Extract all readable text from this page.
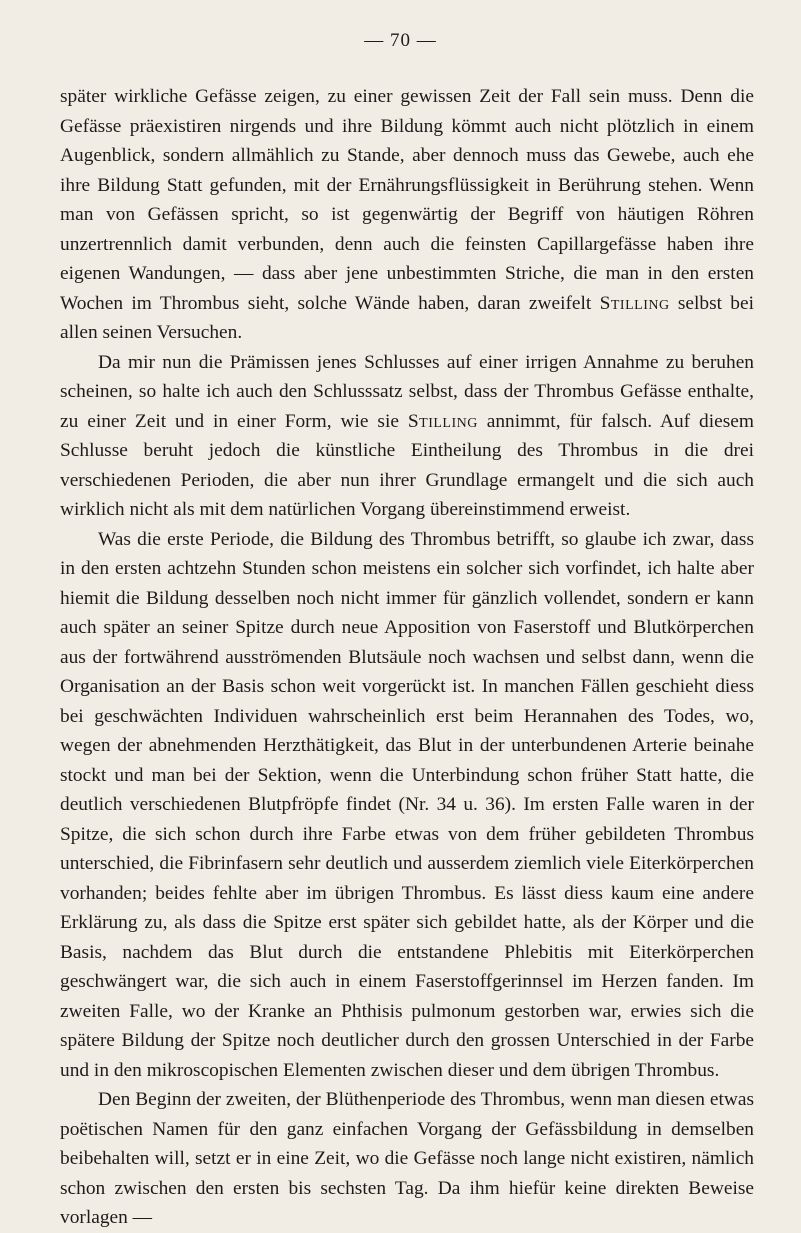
— 70 —

später wirkliche Gefässe zeigen, zu einer gewissen Zeit der Fall sein muss. Denn die Gefässe präexistiren nirgends und ihre Bildung kömmt auch nicht plötzlich in einem Augenblick, sondern allmählich zu Stande, aber dennoch muss das Gewebe, auch ehe ihre Bildung Statt gefunden, mit der Ernährungsflüssigkeit in Berührung stehen. Wenn man von Gefässen spricht, so ist gegenwärtig der Begriff von häutigen Röhren unzertrennlich damit verbunden, denn auch die feinsten Capillargefässe haben ihre eigenen Wandungen, — dass aber jene unbestimmten Striche, die man in den ersten Wochen im Thrombus sieht, solche Wände haben, daran zweifelt Stilling selbst bei allen seinen Versuchen.

Da mir nun die Prämissen jenes Schlusses auf einer irrigen Annahme zu beruhen scheinen, so halte ich auch den Schlusssatz selbst, dass der Thrombus Gefässe enthalte, zu einer Zeit und in einer Form, wie sie Stilling annimmt, für falsch. Auf diesem Schlusse beruht jedoch die künstliche Eintheilung des Thrombus in die drei verschiedenen Perioden, die aber nun ihrer Grundlage ermangelt und die sich auch wirklich nicht als mit dem natürlichen Vorgang übereinstimmend erweist.

Was die erste Periode, die Bildung des Thrombus betrifft, so glaube ich zwar, dass in den ersten achtzehn Stunden schon meistens ein solcher sich vorfindet, ich halte aber hiemit die Bildung desselben noch nicht immer für gänzlich vollendet, sondern er kann auch später an seiner Spitze durch neue Apposition von Faserstoff und Blutkörperchen aus der fortwährend ausströmenden Blutsäule noch wachsen und selbst dann, wenn die Organisation an der Basis schon weit vorgerückt ist. In manchen Fällen geschieht diess bei geschwächten Individuen wahrscheinlich erst beim Herannahen des Todes, wo, wegen der abnehmenden Herzthätigkeit, das Blut in der unterbundenen Arterie beinahe stockt und man bei der Sektion, wenn die Unterbindung schon früher Statt hatte, die deutlich verschiedenen Blutpfröpfe findet (Nr. 34 u. 36). Im ersten Falle waren in der Spitze, die sich schon durch ihre Farbe etwas von dem früher gebildeten Thrombus unterschied, die Fibrinfasern sehr deutlich und ausserdem ziemlich viele Eiterkörperchen vorhanden; beides fehlte aber im übrigen Thrombus. Es lässt diess kaum eine andere Erklärung zu, als dass die Spitze erst später sich gebildet hatte, als der Körper und die Basis, nachdem das Blut durch die entstandene Phlebitis mit Eiterkörperchen geschwängert war, die sich auch in einem Faserstoffgerinnsel im Herzen fanden. Im zweiten Falle, wo der Kranke an Phthisis pulmonum gestorben war, erwies sich die spätere Bildung der Spitze noch deutlicher durch den grossen Unterschied in der Farbe und in den mikroscopischen Elementen zwischen dieser und dem übrigen Thrombus.

Den Beginn der zweiten, der Blüthenperiode des Thrombus, wenn man diesen etwas poëtischen Namen für den ganz einfachen Vorgang der Gefässbildung in demselben beibehalten will, setzt er in eine Zeit, wo die Gefässe noch lange nicht existiren, nämlich schon zwischen den ersten bis sechsten Tag. Da ihm hiefür keine direkten Beweise vorlagen —
